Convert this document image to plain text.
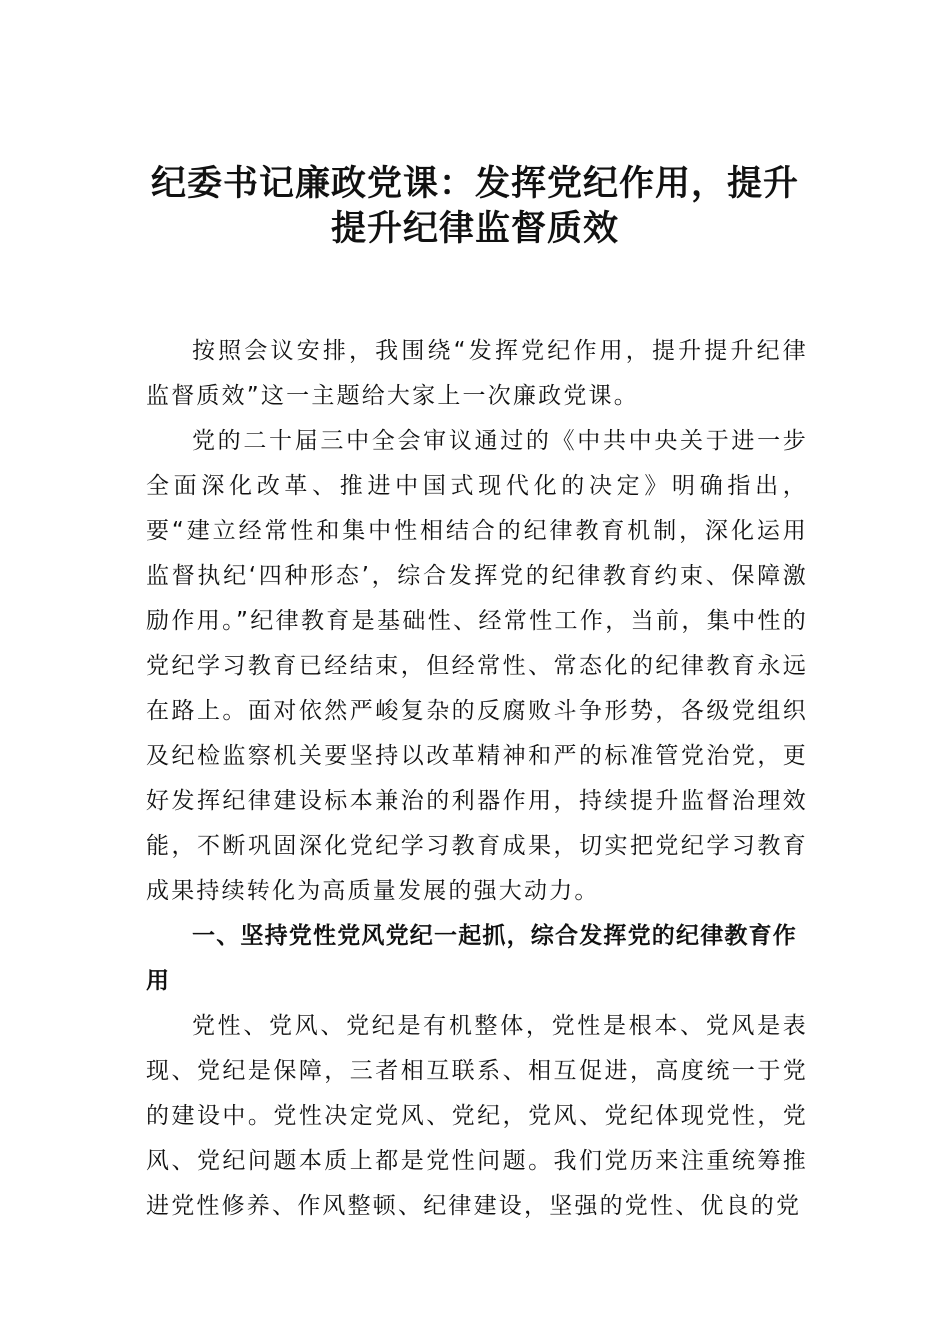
纪委书记廉政党课：发挥党纪作用，提升
提升纪律监督质效

按照会议安排，我围绕“发挥党纪作用，提升提升纪律监督质效”这一主题给大家上一次廉政党课。

党的二十届三中全会审议通过的《中共中央关于进一步全面深化改革、推进中国式现代化的决定》明确指出，要“建立经常性和集中性相结合的纪律教育机制，深化运用监督执纪‘四种形态’，综合发挥党的纪律教育约束、保障激励作用。”纪律教育是基础性、经常性工作，当前，集中性的党纪学习教育已经结束，但经常性、常态化的纪律教育永远在路上。面对依然严峻复杂的反腐败斗争形势，各级党组织及纪检监察机关要坚持以改革精神和严的标准管党治党，更好发挥纪律建设标本兼治的利器作用，持续提升监督治理效能，不断巩固深化党纪学习教育成果，切实把党纪学习教育成果持续转化为高质量发展的强大动力。

一、坚持党性党风党纪一起抓，综合发挥党的纪律教育作用

党性、党风、党纪是有机整体，党性是根本、党风是表现、党纪是保障，三者相互联系、相互促进，高度统一于党的建设中。党性决定党风、党纪，党风、党纪体现党性，党风、党纪问题本质上都是党性问题。我们党历来注重统筹推进党性修养、作风整顿、纪律建设，坚强的党性、优良的党
